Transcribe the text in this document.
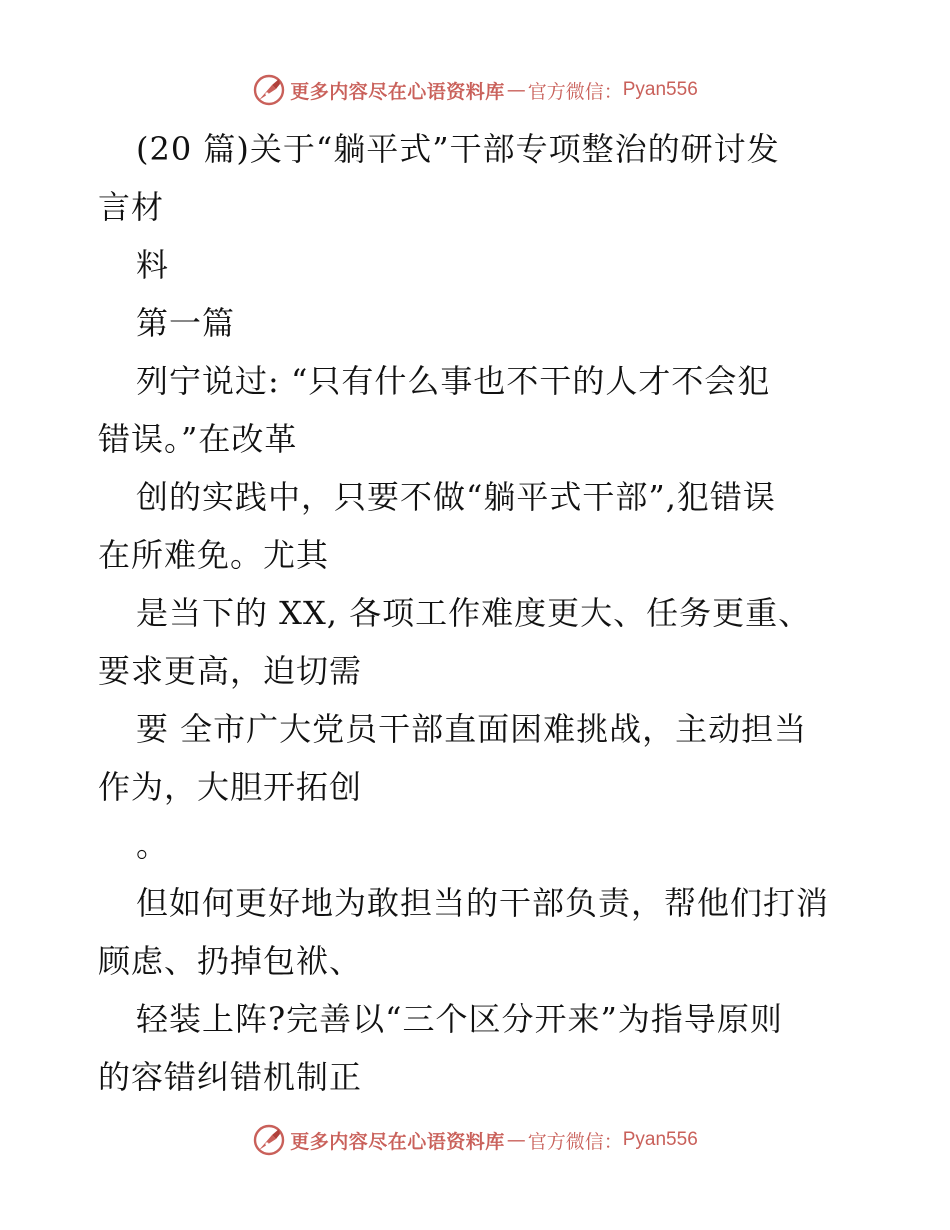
更多内容尽在心语资料库 — 官方微信： Pyan556
(20 篇)关于“躺平式”干部专项整治的研讨发
言材
料
第一篇
列宁说过: “只有什么事也不干的人才不会犯
错误。”在改革
创的实践中，只要不做“躺平式干部”,犯错误
在所难免。尤其
是当下的 XX, 各项工作难度更大、任务更重、
要求更高，迫切需
要 全市广大党员干部直面困难挑战，主动担当
作为，大胆开拓创
。
但如何更好地为敢担当的干部负责，帮他们打消
顾虑、扔掉包袱、
轻装上阵?完善以“三个区分开来”为指导原则
的容错纠错机制正
更多内容尽在心语资料库 — 官方微信： Pyan556
